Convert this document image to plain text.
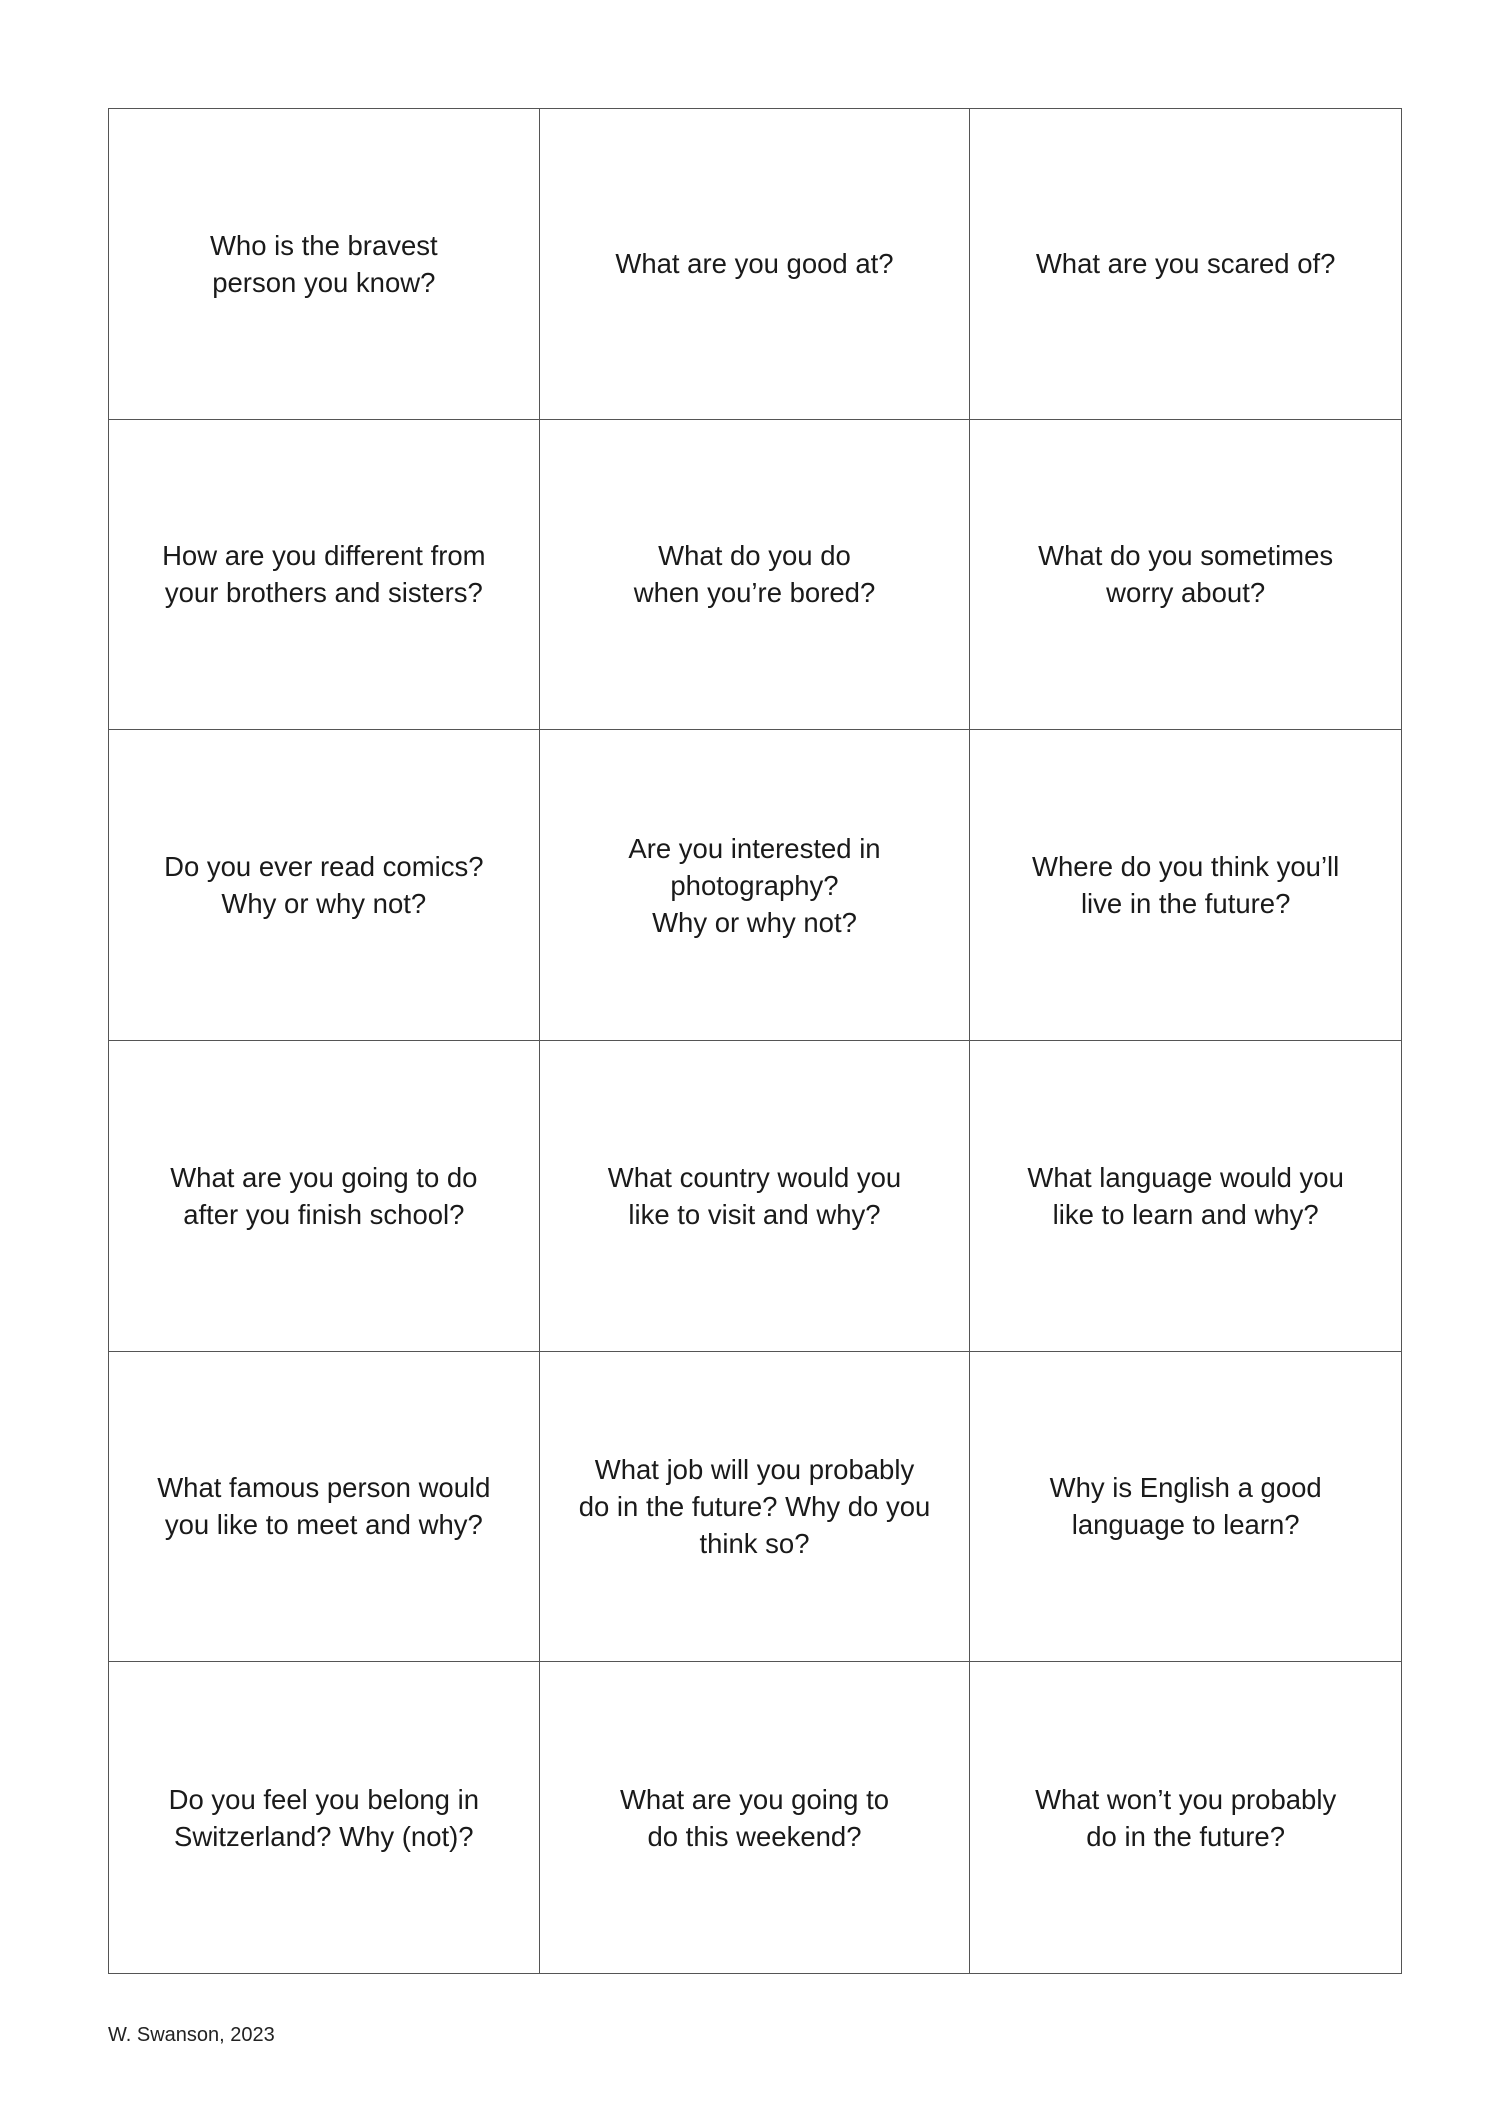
Who is the bravest
person you know?
What are you good at?	What are you scared of?
How are you different from
your brothers and sisters?
What do you do
when you’re bored?
What do you sometimes
worry about?
Do you ever read comics?
Why or why not?
Are you interested in
photography?
Why or why not?
Where do you think you’ll
live in the future?
What are you going to do
after you finish school?
What country would you
like to visit and why?
What language would you
like to learn and why?
What famous person would
you like to meet and why?
What job will you probably
do in the future? Why do you
think so?
Why is English a good
language to learn?
Do you feel you belong in
Switzerland? Why (not)?
What are you going to
do this weekend?
What won’t you probably
do in the future?
W. Swanson, 2023
